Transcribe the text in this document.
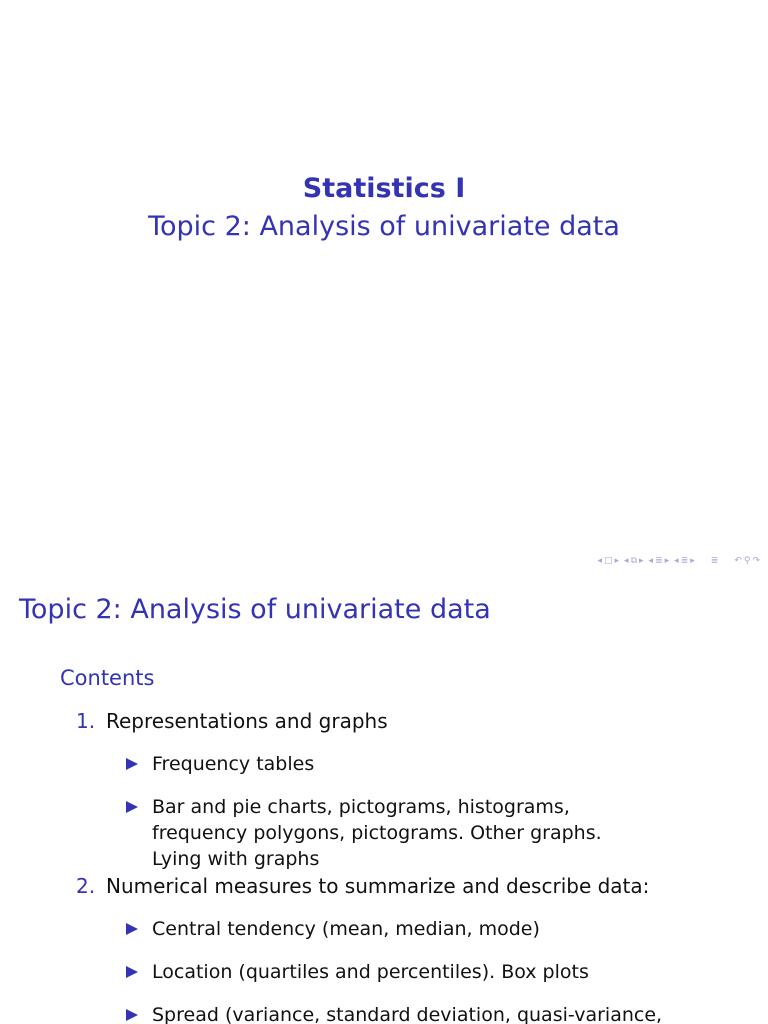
Statistics I
Topic 2: Analysis of univariate data
◂ □ ▸ ◂ ⧉ ▸ ◂ ≣ ▸ ◂ ≣ ▸ ≣ ↶ ⚲ ↷
Topic 2: Analysis of univariate data
Contents
1. Representations and graphs
Frequency tables
Bar and pie charts, pictograms, histograms, frequency polygons, pictograms. Other graphs. Lying with graphs
2. Numerical measures to summarize and describe data:
Central tendency (mean, median, mode)
Location (quartiles and percentiles). Box plots
Spread (variance, standard deviation, quasi-variance,
